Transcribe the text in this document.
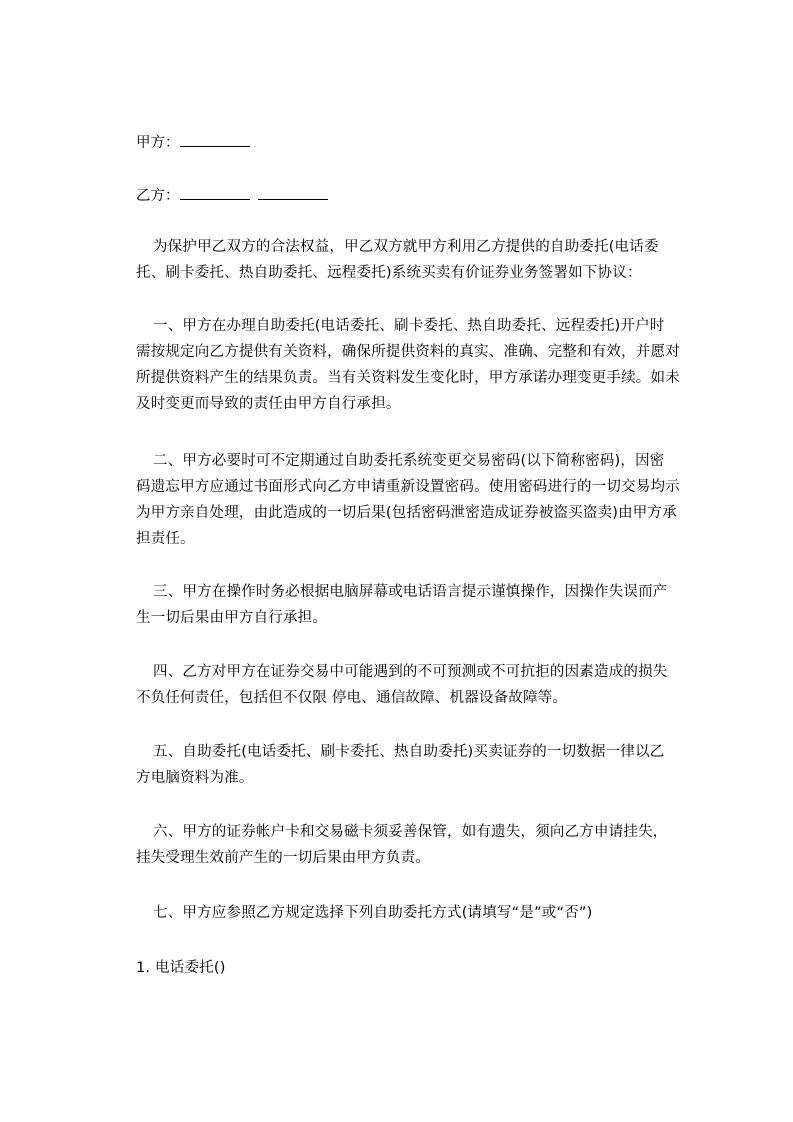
甲方：
乙方：
为保护甲乙双方的合法权益，甲乙双方就甲方利用乙方提供的自助委托(电话委
托、刷卡委托、热自助委托、远程委托)系统买卖有价证券业务签署如下协议：
一、甲方在办理自助委托(电话委托、刷卡委托、热自助委托、远程委托)开户时
需按规定向乙方提供有关资料，确保所提供资料的真实、准确、完整和有效，并愿对
所提供资料产生的结果负责。当有关资料发生变化时，甲方承诺办理变更手续。如未
及时变更而导致的责任由甲方自行承担。
二、甲方必要时可不定期通过自助委托系统变更交易密码(以下简称密码)，因密
码遗忘甲方应通过书面形式向乙方申请重新设置密码。使用密码进行的一切交易均示
为甲方亲自处理，由此造成的一切后果(包括密码泄密造成证券被盗买盗卖)由甲方承
担责任。
三、甲方在操作时务必根据电脑屏幕或电话语言提示谨慎操作，因操作失误而产
生一切后果由甲方自行承担。
四、乙方对甲方在证券交易中可能遇到的不可预测或不可抗拒的因素造成的损失
不负任何责任，包括但不仅限 停电、通信故障、机器设备故障等。
五、自助委托(电话委托、刷卡委托、热自助委托)买卖证券的一切数据一律以乙
方电脑资料为准。
六、甲方的证券帐户卡和交易磁卡须妥善保管，如有遗失，须向乙方申请挂失，
挂失受理生效前产生的一切后果由甲方负责。
七、甲方应参照乙方规定选择下列自助委托方式(请填写“是”或“否”)
1. 电话委托()
